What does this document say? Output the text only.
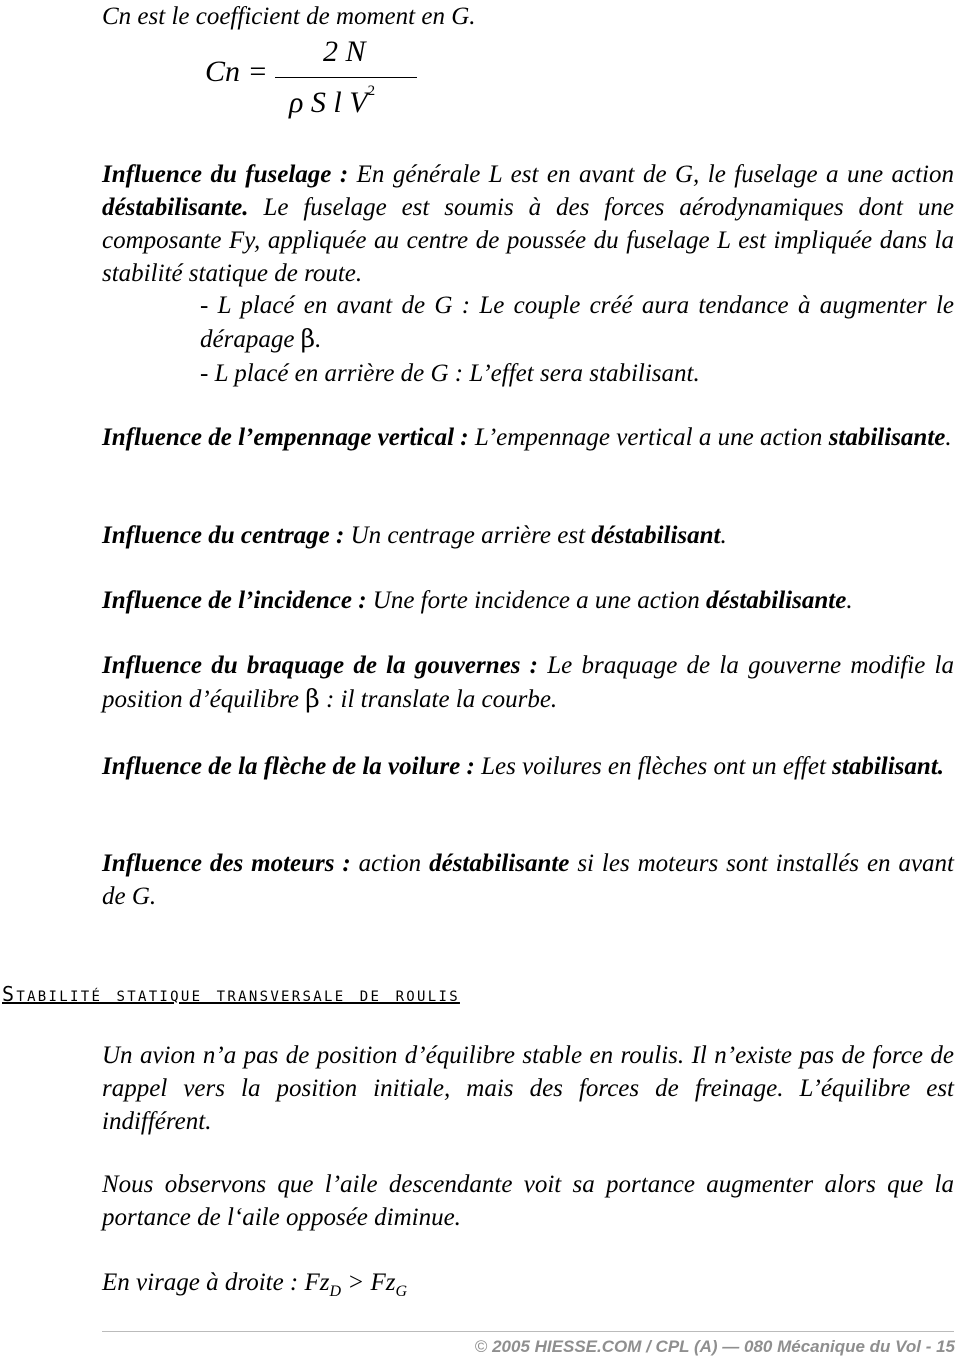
Cn est le coefficient de moment en G.
Cn =
2 N
ρ S l $V^2$

Influence du fuselage : En générale L est en avant de G, le fuselage a une action déstabilisante. Le fuselage est soumis à des forces aérodynamiques dont une composante Fy, appliquée au centre de poussée du fuselage L est impliquée dans la stabilité statique de route.

- L placé en avant de G : Le couple créé aura tendance à augmenter le dérapage β.

- L placé en arrière de G : L’effet sera stabilisant.

Influence de l’empennage vertical : L’empennage vertical a une action stabilisante.

Influence du centrage : Un centrage arrière est déstabilisant.

Influence de l’incidence : Une forte incidence a une action déstabilisante.

Influence du braquage de la gouvernes : Le braquage de la gouverne modifie la position d’équilibre β : il translate la courbe.

Influence de la flèche de la voilure : Les voilures en flèches ont un effet stabilisant.

Influence des moteurs : action déstabilisante si les moteurs sont installés en avant de G.

Stabilité statique transversale de roulis

Un avion n’a pas de position d’équilibre stable en roulis. Il n’existe pas de force de rappel vers la position initiale, mais des forces de freinage. L’équilibre est indifférent.

Nous observons que l’aile descendante voit sa portance augmenter alors que la portance de l‘aile opposée diminue.

En virage à droite : $Fz_D > Fz_G$

© 2005 HIESSE.COM / CPL (A) — 080 Mécanique du Vol - 15
